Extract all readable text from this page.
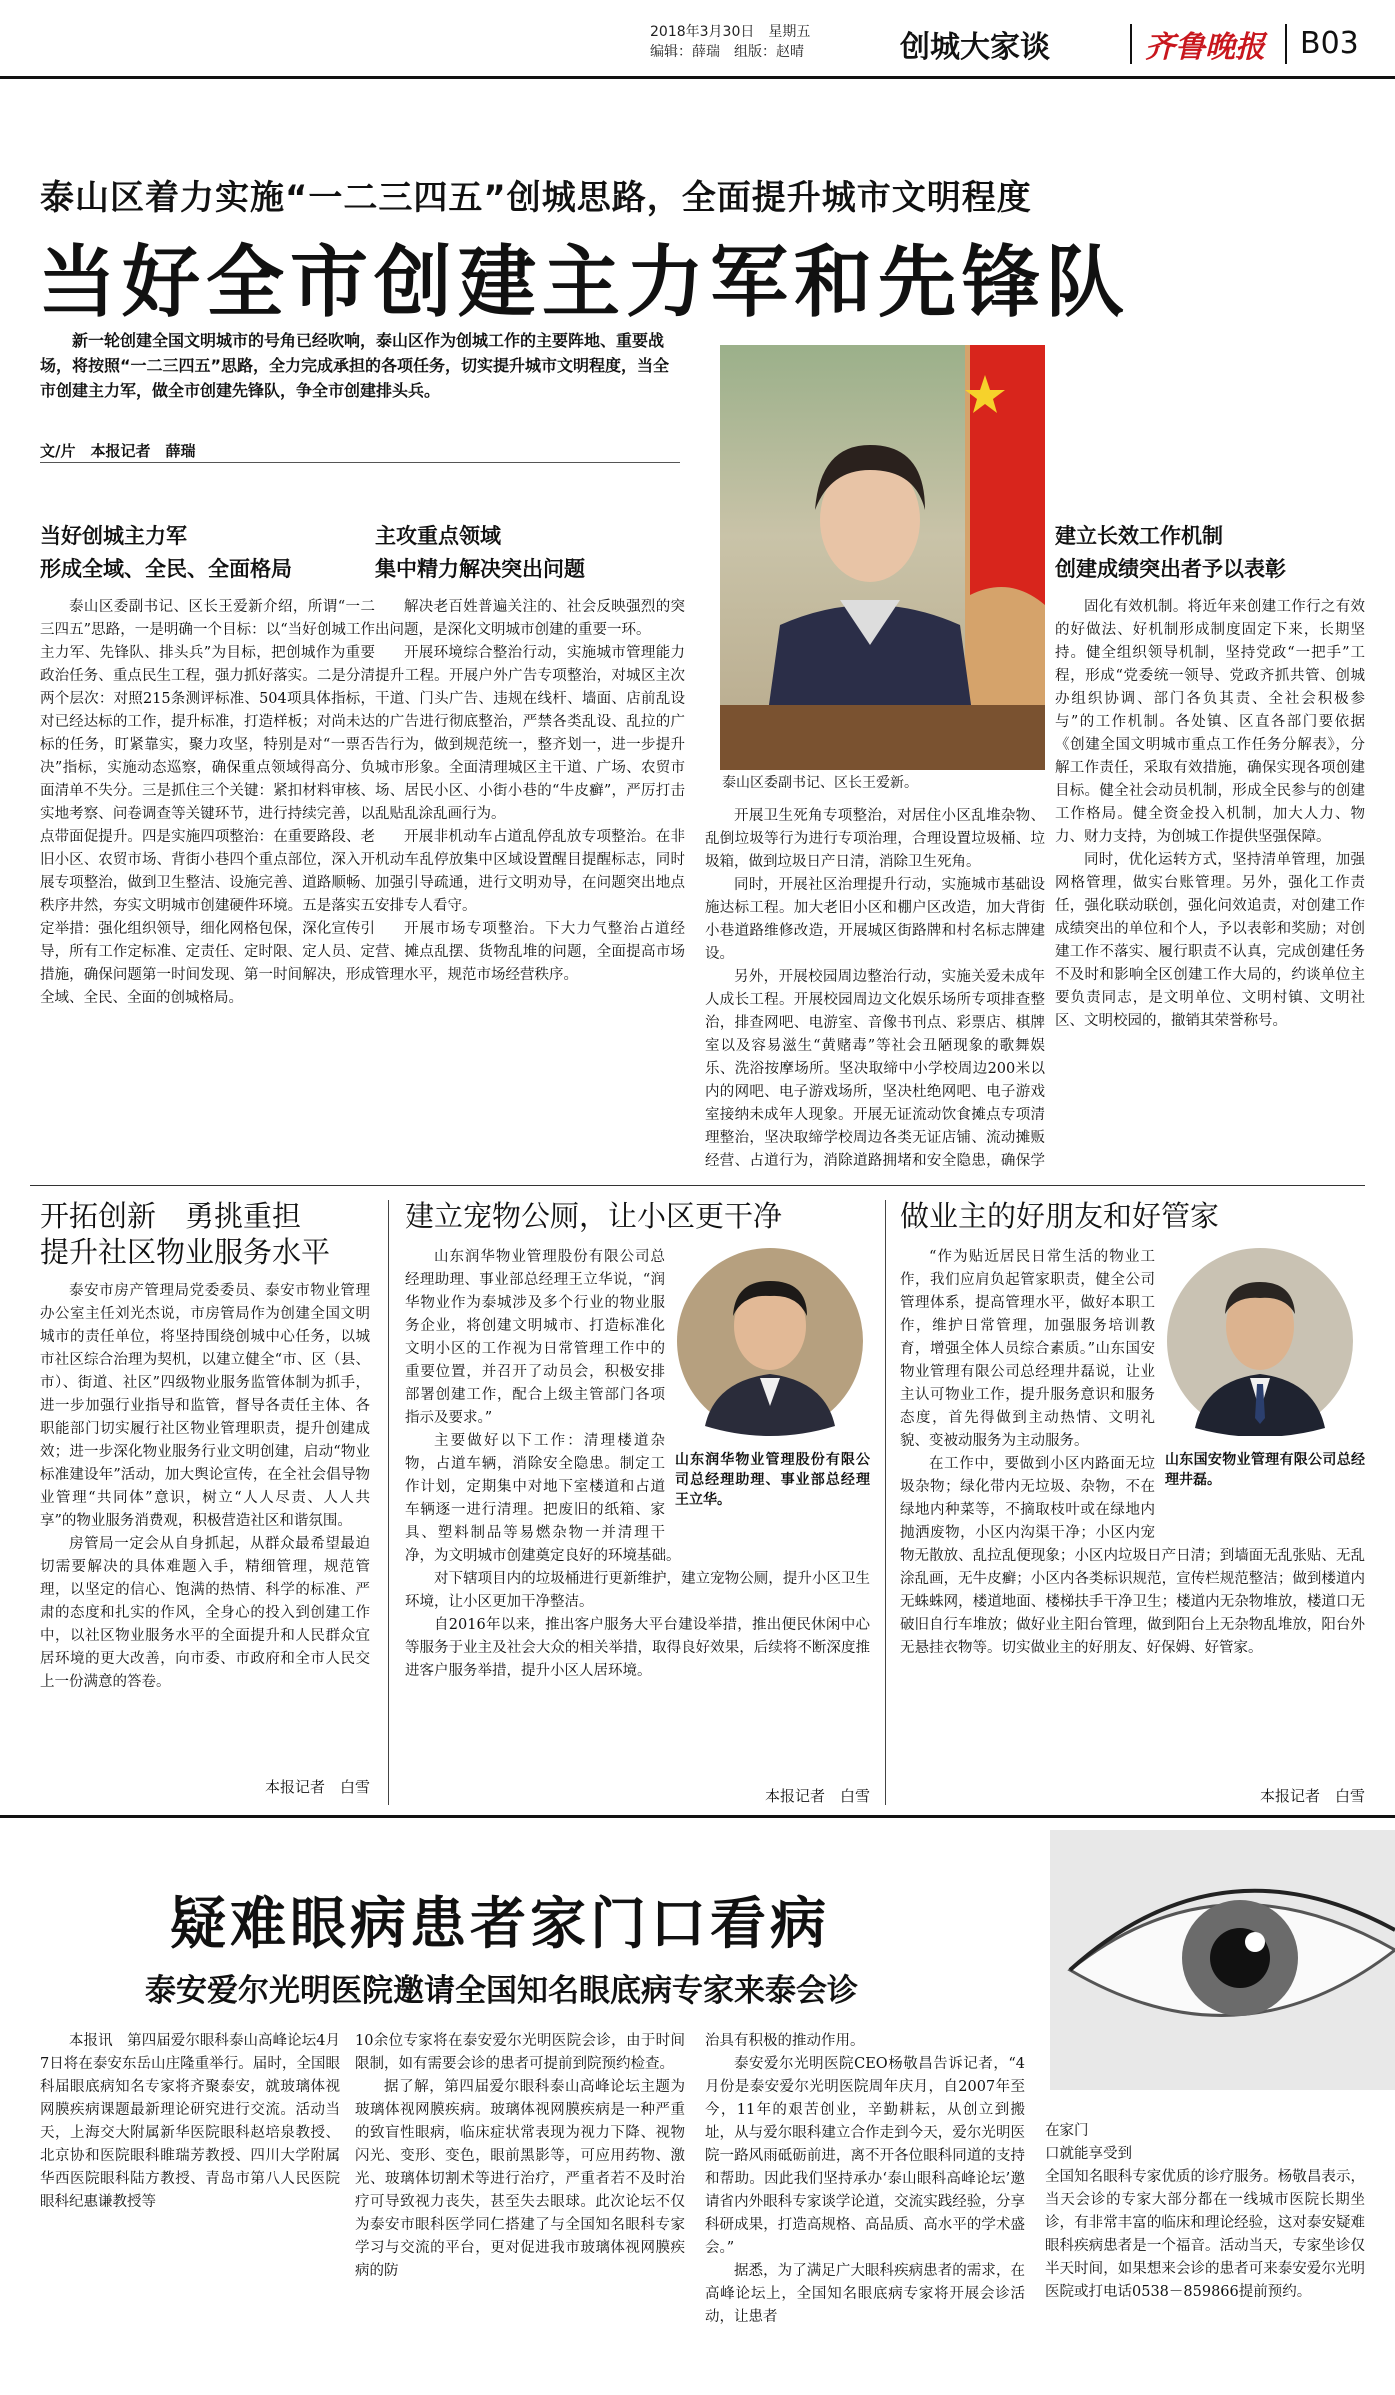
2018年3月30日　星期五
编辑：薛瑞　组版：赵晴	创城大家谈	齐鲁晚报 B03
泰山区着力实施“一二三四五”创城思路，全面提升城市文明程度
当好全市创建主力军和先锋队
新一轮创建全国文明城市的号角已经吹响，泰山区作为创城工作的主要阵地、重要战场，将按照“一二三四五”思路，全力完成承担的各项任务，切实提升城市文明程度，当全市创建主力军，做全市创建先锋队，争全市创建排头兵。
文/片　本报记者　薛瑞
当好创城主力军
形成全域、全民、全面格局

泰山区委副书记、区长王爱新介绍，所谓“一二三四五”思路，一是明确一个目标：以“当好创城工作主力军、先锋队、排头兵”为目标，把创城作为重要政治任务、重点民生工程，强力抓好落实。二是分清两个层次：对照215条测评标准、504项具体指标，对已经达标的工作，提升标准，打造样板；对尚未达标的任务，盯紧靠实，聚力攻坚，特别是对“一票否决”指标，实施动态巡察，确保重点领域得高分、负面清单不失分。三是抓住三个关键：紧扣材料审核、实地考察、问卷调查等关键环节，进行持续完善，以点带面促提升。四是实施四项整治：在重要路段、老旧小区、农贸市场、背街小巷四个重点部位，深入开展专项整治，做到卫生整洁、设施完善、道路顺畅、秩序井然，夯实文明城市创建硬件环境。五是落实五定举措：强化组织领导，细化网格包保，深化宣传引导，所有工作定标准、定责任、定时限、定人员、定措施，确保问题第一时间发现、第一时间解决，形成全域、全民、全面的创城格局。

主攻重点领域
集中精力解决突出问题

解决老百姓普遍关注的、社会反映强烈的突出问题，是深化文明城市创建的重要一环。

开展环境综合整治行动，实施城市管理能力提升工程。开展户外广告专项整治，对城区主次干道、门头广告、违规在线杆、墙面、店前乱设的广告进行彻底整治，严禁各类乱设、乱拉的广告行为，做到规范统一，整齐划一，进一步提升城市形象。全面清理城区主干道、广场、农贸市场、居民小区、小街小巷的“牛皮癣”，严厉打击乱贴乱涂乱画行为。

开展非机动车占道乱停乱放专项整治。在非机动车乱停放集中区域设置醒目提醒标志，同时加强引导疏通，进行文明劝导，在问题突出地点安排专人看守。

开展市场专项整治。下大力气整治占道经营、摊点乱摆、货物乱堆的问题，全面提高市场管理水平，规范市场经营秩序。

泰山区委副书记、区长王爱新。

开展卫生死角专项整治，对居住小区乱堆杂物、乱倒垃圾等行为进行专项治理，合理设置垃圾桶、垃圾箱，做到垃圾日产日清，消除卫生死角。

同时，开展社区治理提升行动，实施城市基础设施达标工程。加大老旧小区和棚户区改造，加大背街小巷道路维修改造，开展城区街路牌和村名标志牌建设。

另外，开展校园周边整治行动，实施关爱未成年人成长工程。开展校园周边文化娱乐场所专项排查整治，排查网吧、电游室、音像书刊点、彩票店、棋牌室以及容易滋生“黄赌毒”等社会丑陋现象的歌舞娱乐、洗浴按摩场所。坚决取缔中小学校周边200米以内的网吧、电子游戏场所，坚决杜绝网吧、电子游戏室接纳未成年人现象。开展无证流动饮食摊点专项清理整治，坚决取缔学校周边各类无证店铺、流动摊贩经营、占道行为，消除道路拥堵和安全隐患，确保学

建立长效工作机制
创建成绩突出者予以表彰

固化有效机制。将近年来创建工作行之有效的好做法、好机制形成制度固定下来，长期坚持。健全组织领导机制，坚持党政“一把手”工程，形成“党委统一领导、党政齐抓共管、创城办组织协调、部门各负其责、全社会积极参与”的工作机制。各处镇、区直各部门要依据《创建全国文明城市重点工作任务分解表》，分解工作责任，采取有效措施，确保实现各项创建目标。健全社会动员机制，形成全民参与的创建工作格局。健全资金投入机制，加大人力、物力、财力支持，为创城工作提供坚强保障。

同时，优化运转方式，坚持清单管理，加强网格管理，做实台账管理。另外，强化工作责任，强化联动联创，强化问效追责，对创建工作成绩突出的单位和个人，予以表彰和奖励；对创建工作不落实、履行职责不认真，完成创建任务不及时和影响全区创建工作大局的，约谈单位主要负责同志，是文明单位、文明村镇、文明社区、文明校园的，撤销其荣誉称号。

开拓创新　勇挑重担
提升社区物业服务水平

泰安市房产管理局党委委员、泰安市物业管理办公室主任刘光杰说，市房管局作为创建全国文明城市的责任单位，将坚持围绕创城中心任务，以城市社区综合治理为契机，以建立健全“市、区（县、市）、街道、社区”四级物业服务监管体制为抓手，进一步加强行业指导和监管，督导各责任主体、各职能部门切实履行社区物业管理职责，提升创建成效；进一步深化物业服务行业文明创建，启动“物业标准建设年”活动，加大舆论宣传，在全社会倡导物业管理“共同体”意识，树立“人人尽责、人人共享”的物业服务消费观，积极营造社区和谐氛围。

房管局一定会从自身抓起，从群众最希望最迫切需要解决的具体难题入手，精细管理，规范管理，以坚定的信心、饱满的热情、科学的标准、严肃的态度和扎实的作风，全身心的投入到创建工作中，以社区物业服务水平的全面提升和人民群众宜居环境的更大改善，向市委、市政府和全市人民交上一份满意的答卷。

本报记者　白雪
建立宠物公厕，让小区更干净
山东润华物业管理股份有限公司总经理助理、事业部总经理王立华。

山东润华物业管理股份有限公司总经理助理、事业部总经理王立华说，“润华物业作为泰城涉及多个行业的物业服务企业，将创建文明城市、打造标准化文明小区的工作视为日常管理工作中的重要位置，并召开了动员会，积极安排部署创建工作，配合上级主管部门各项指示及要求。”

主要做好以下工作：清理楼道杂物，占道车辆，消除安全隐患。制定工作计划，定期集中对地下室楼道和占道车辆逐一进行清理。把废旧的纸箱、家具、塑料制品等易燃杂物一并清理干净，为文明城市创建奠定良好的环境基础。

对下辖项目内的垃圾桶进行更新维护，建立宠物公厕，提升小区卫生环境，让小区更加干净整洁。

自2016年以来，推出客户服务大平台建设举措，推出便民休闲中心等服务于业主及社会大众的相关举措，取得良好效果，后续将不断深度推进客户服务举措，提升小区人居环境。

本报记者　白雪
做业主的好朋友和好管家
山东国安物业管理有限公司总经理井磊。

“作为贴近居民日常生活的物业工作，我们应肩负起管家职责，健全公司管理体系，提高管理水平，做好本职工作，维护日常管理，加强服务培训教育，增强全体人员综合素质。”山东国安物业管理有限公司总经理井磊说，让业主认可物业工作，提升服务意识和服务态度，首先得做到主动热情、文明礼貌、变被动服务为主动服务。

在工作中，要做到小区内路面无垃圾杂物；绿化带内无垃圾、杂物，不在绿地内种菜等，不摘取枝叶或在绿地内抛洒废物，小区内沟渠干净；小区内宠物无散放、乱拉乱便现象；小区内垃圾日产日清；到墙面无乱张贴、无乱涂乱画，无牛皮癣；小区内各类标识规范，宣传栏规范整洁；做到楼道内无蛛蛛网，楼道地面、楼梯扶手干净卫生；楼道内无杂物堆放，楼道口无破旧自行车堆放；做好业主阳台管理，做到阳台上无杂物乱堆放，阳台外无悬挂衣物等。切实做业主的好朋友、好保姆、好管家。

本报记者　白雪
疑难眼病患者家门口看病
泰安爱尔光明医院邀请全国知名眼底病专家来泰会诊

本报讯　第四届爱尔眼科泰山高峰论坛4月7日将在泰安东岳山庄隆重举行。届时，全国眼科届眼底病知名专家将齐聚泰安，就玻璃体视网膜疾病课题最新理论研究进行交流。活动当天，上海交大附属新华医院眼科赵培泉教授、北京协和医院眼科睢瑞芳教授、四川大学附属华西医院眼科陆方教授、青岛市第八人民医院眼科纪惠谦教授等

10余位专家将在泰安爱尔光明医院会诊，由于时间限制，如有需要会诊的患者可提前到院预约检查。

据了解，第四届爱尔眼科泰山高峰论坛主题为玻璃体视网膜疾病。玻璃体视网膜疾病是一种严重的致盲性眼病，临床症状常表现为视力下降、视物闪光、变形、变色，眼前黑影等，可应用药物、激光、玻璃体切割术等进行治疗，严重者若不及时治疗可导致视力丧失，甚至失去眼球。此次论坛不仅为泰安市眼科医学同仁搭建了与全国知名眼科专家学习与交流的平台，更对促进我市玻璃体视网膜疾病的防

治具有积极的推动作用。

泰安爱尔光明医院CEO杨敬昌告诉记者，“4月份是泰安爱尔光明医院周年庆月，自2007年至今，11年的艰苦创业，辛勤耕耘，从创立到搬址，从与爱尔眼科建立合作走到今天，爱尔光明医院一路风雨砥砺前进，离不开各位眼科同道的支持和帮助。因此我们坚持承办‘泰山眼科高峰论坛’邀请省内外眼科专家谈学论道，交流实践经验，分享科研成果，打造高规格、高品质、高水平的学术盛会。”

据悉，为了满足广大眼科疾病患者的需求，在高峰论坛上，全国知名眼底病专家将开展会诊活动，让患者

在家门
口就能享受到

全国知名眼科专家优质的诊疗服务。杨敬昌表示，当天会诊的专家大部分都在一线城市医院长期坐诊，有非常丰富的临床和理论经验，这对泰安疑难眼科疾病患者是一个福音。活动当天，专家坐诊仅半天时间，如果想来会诊的患者可来泰安爱尔光明医院或打电话0538－859866提前预约。
